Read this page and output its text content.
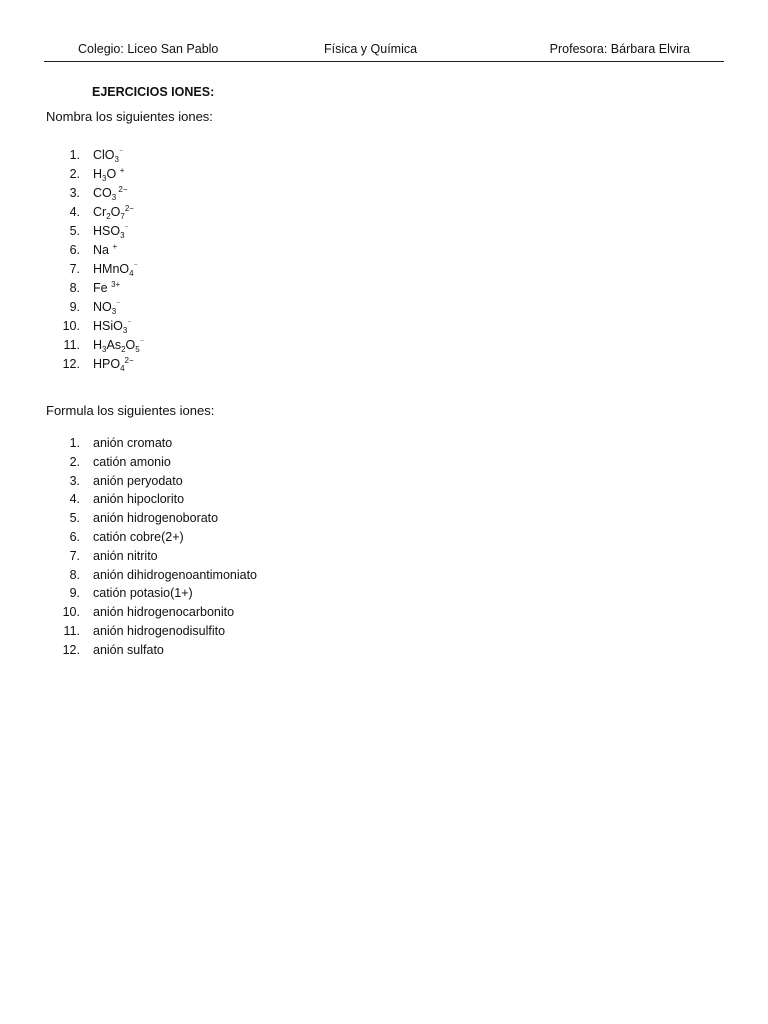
Colegio: Liceo San Pablo	Física y Química	Profesora: Bárbara Elvira
EJERCICIOS IONES:
Nombra los siguientes iones:
1. ClO$_3$⁻
2. $H_3O$ +
3. $CO_3$ $^{2-}$
4. $Cr_2O_7^{2-}$
5. $HSO_3^{^-}$
6. Na +
7. HMnO$_4$⁻
8. Fe $^{3+}$
9. $NO_3^{^-}$
10. HSiO$_3$⁻
11. $H_3As_2O_5^{^-}$
12. $HPO_4^{2-}$
Formula los siguientes iones:
1. anión cromato
2. catión amonio
3. anión peryodato
4. anión hipoclorito
5. anión hidrogenoborato
6. catión cobre(2+)
7. anión nitrito
8. anión dihidrogenoantimoniato
9. catión potasio(1+)
10. anión hidrogenocarbonito
11. anión hidrogenodisulfito
12. anión sulfato
